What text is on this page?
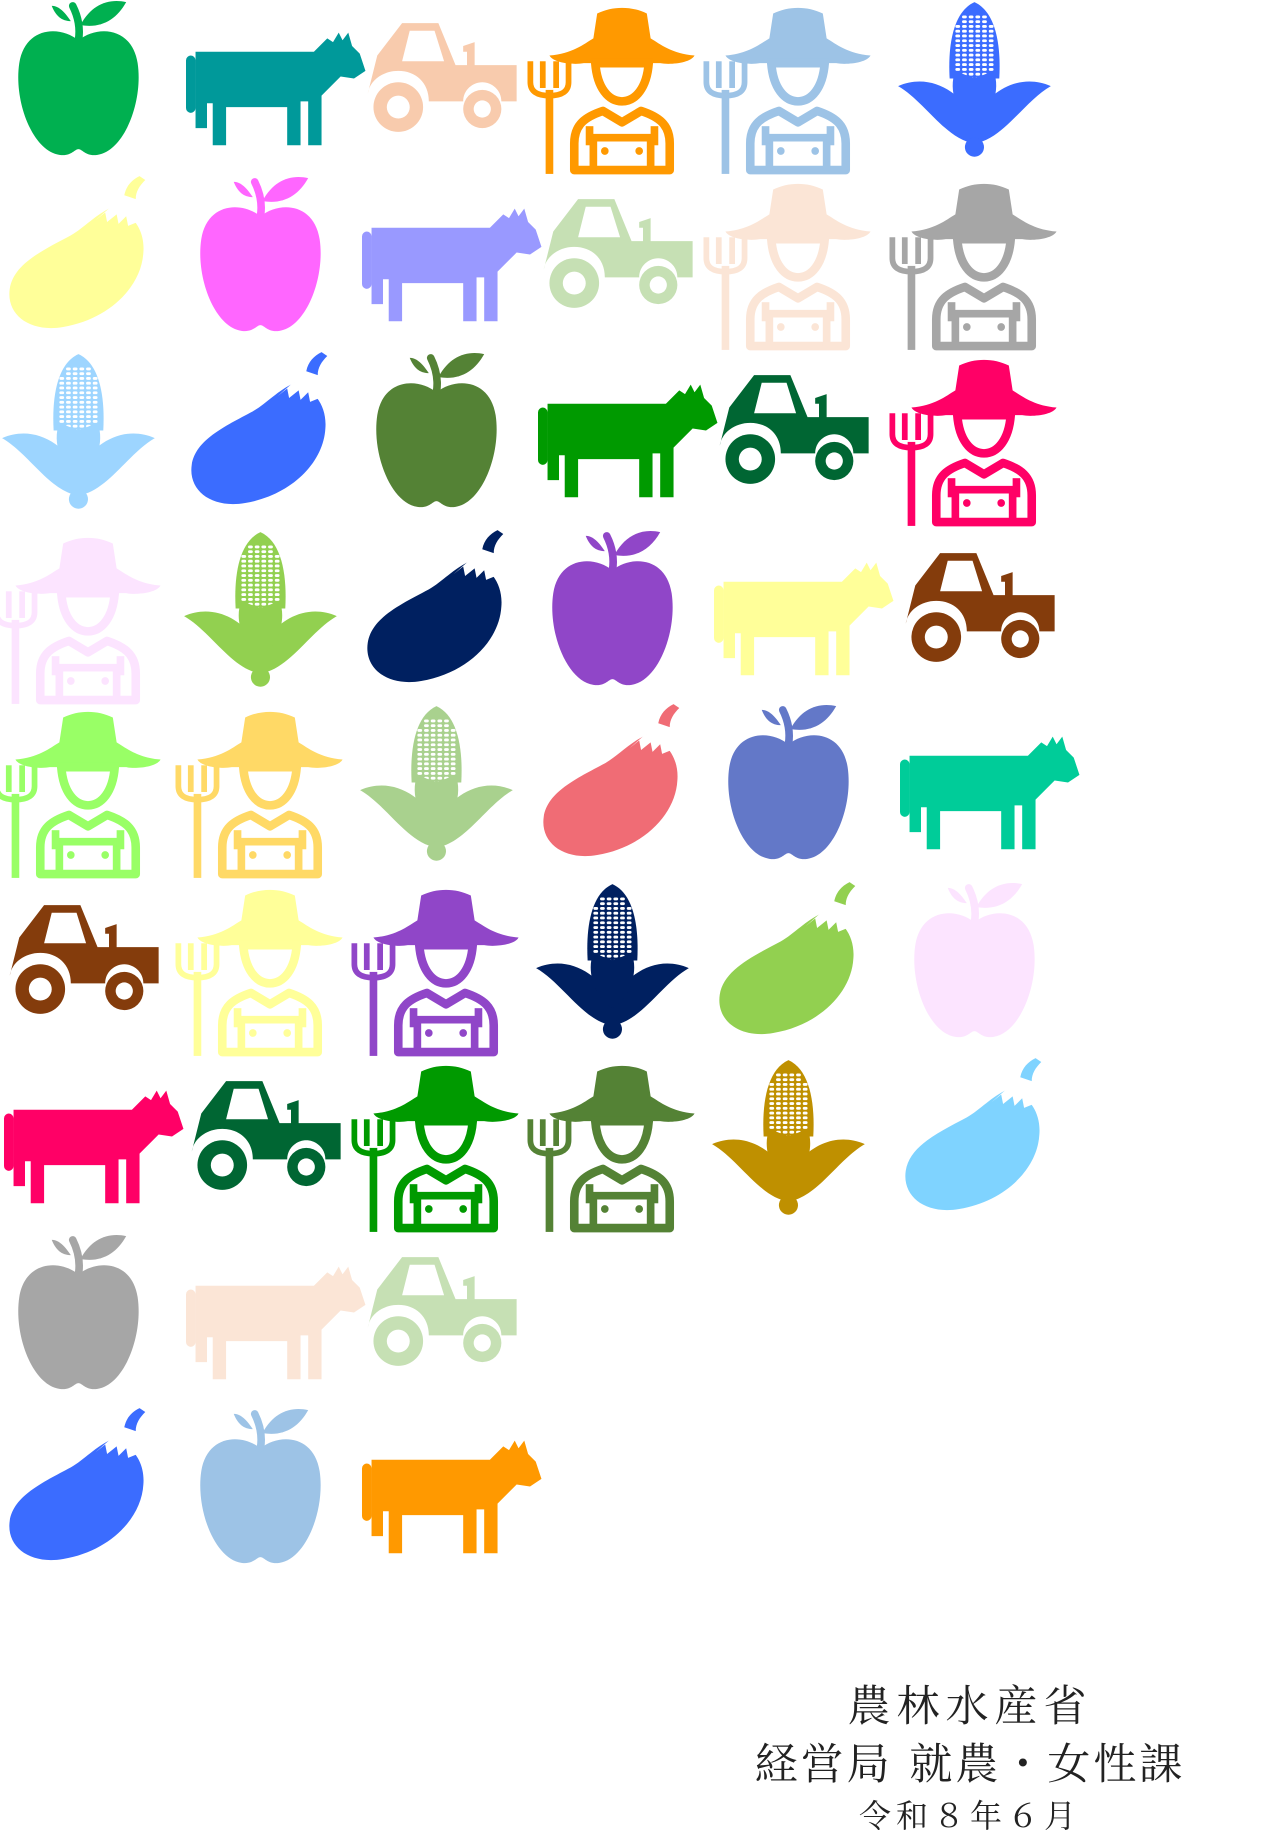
農林水産省
経営局 就農・女性課
令和８年６月
